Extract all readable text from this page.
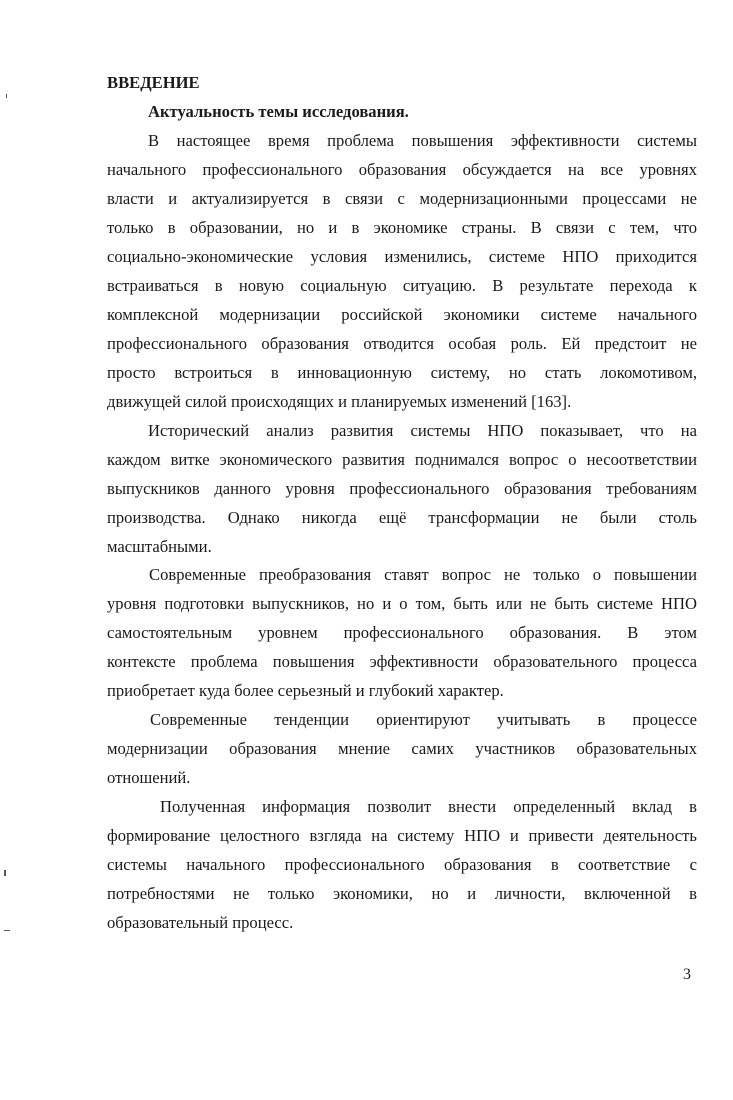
ВВЕДЕНИЕ
Актуальность темы исследования.
В настоящее время проблема повышения эффективности системы
начального профессионального образования обсуждается на все уровнях
власти и актуализируется в связи с модернизационными процессами не
только в образовании, но и в экономике страны. В связи с тем, что
социально-экономические условия изменились, системе НПО приходится
встраиваться в новую социальную ситуацию. В результате перехода к
комплексной модернизации российской экономики системе начального
профессионального образования отводится особая роль. Ей предстоит не
просто встроиться в инновационную систему, но стать локомотивом,
движущей силой происходящих и планируемых изменений [163].
Исторический анализ развития системы НПО показывает, что на
каждом витке экономического развития поднимался вопрос о несоответствии
выпускников данного уровня профессионального образования требованиям
производства. Однако никогда ещё трансформации не были столь
масштабными.
Современные преобразования ставят вопрос не только о повышении
уровня подготовки выпускников, но и о том, быть или не быть системе НПО
самостоятельным уровнем профессионального образования. В этом
контексте проблема повышения эффективности образовательного процесса
приобретает куда более серьезный и глубокий характер.
Современные тенденции ориентируют учитывать в процессе
модернизации образования мнение самих участников образовательных
отношений.
Полученная информация позволит внести определенный вклад в
формирование целостного взгляда на систему НПО и привести деятельность
системы начального профессионального образования в соответствие с
потребностями не только экономики, но и личности, включенной в
образовательный процесс.
3
